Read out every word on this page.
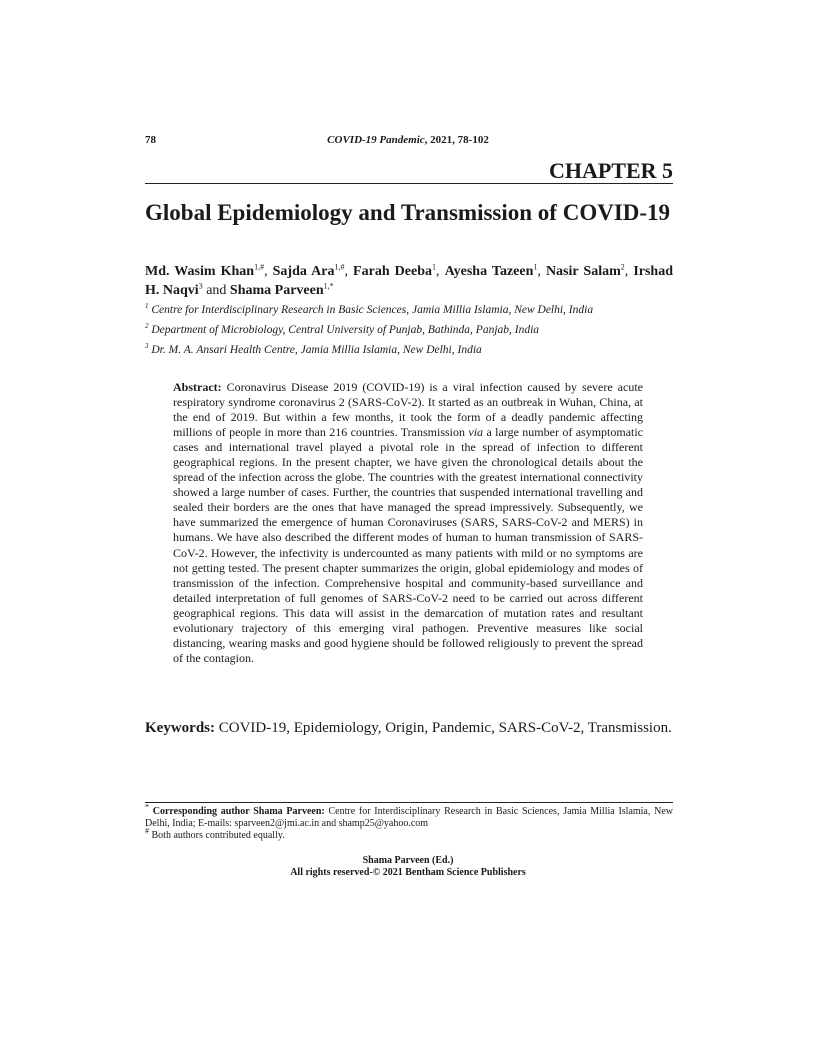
78	COVID-19 Pandemic, 2021, 78-102
CHAPTER 5
Global Epidemiology and Transmission of COVID-19
Md. Wasim Khan$^{1,\#}$, Sajda Ara$^{1,\#}$, Farah Deeba$^1$, Ayesha Tazeen$^1$, Nasir Salam$^2$, Irshad H. Naqvi$^3$ and Shama Parveen$^{1,*}$
$^1$ Centre for Interdisciplinary Research in Basic Sciences, Jamia Millia Islamia, New Delhi, India
$^2$ Department of Microbiology, Central University of Punjab, Bathinda, Panjab, India
$^3$ Dr. M. A. Ansari Health Centre, Jamia Millia Islamia, New Delhi, India
Abstract: Coronavirus Disease 2019 (COVID-19) is a viral infection caused by severe acute respiratory syndrome coronavirus 2 (SARS-CoV-2). It started as an outbreak in Wuhan, China, at the end of 2019. But within a few months, it took the form of a deadly pandemic affecting millions of people in more than 216 countries. Transmission via a large number of asymptomatic cases and international travel played a pivotal role in the spread of infection to different geographical regions. In the present chapter, we have given the chronological details about the spread of the infection across the globe. The countries with the greatest international connectivity showed a large number of cases. Further, the countries that suspended international travelling and sealed their borders are the ones that have managed the spread impressively. Subsequently, we have summarized the emergence of human Coronaviruses (SARS, SARS-CoV-2 and MERS) in humans. We have also described the different modes of human to human transmission of SARS-CoV-2. However, the infectivity is undercounted as many patients with mild or no symptoms are not getting tested. The present chapter summarizes the origin, global epidemiology and modes of transmission of the infection. Comprehensive hospital and community-based surveillance and detailed interpretation of full genomes of SARS-CoV-2 need to be carried out across different geographical regions. This data will assist in the demarcation of mutation rates and resultant evolutionary trajectory of this emerging viral pathogen. Preventive measures like social distancing, wearing masks and good hygiene should be followed religiously to prevent the spread of the contagion.
Keywords: COVID-19, Epidemiology, Origin, Pandemic, SARS-CoV-2, Transmission.
* Corresponding author Shama Parveen: Centre for Interdisciplinary Research in Basic Sciences, Jamia Millia Islamia, New Delhi, India; E-mails: sparveen2@jmi.ac.in and shamp25@yahoo.com
# Both authors contributed equally.
Shama Parveen (Ed.)
All rights reserved-© 2021 Bentham Science Publishers
